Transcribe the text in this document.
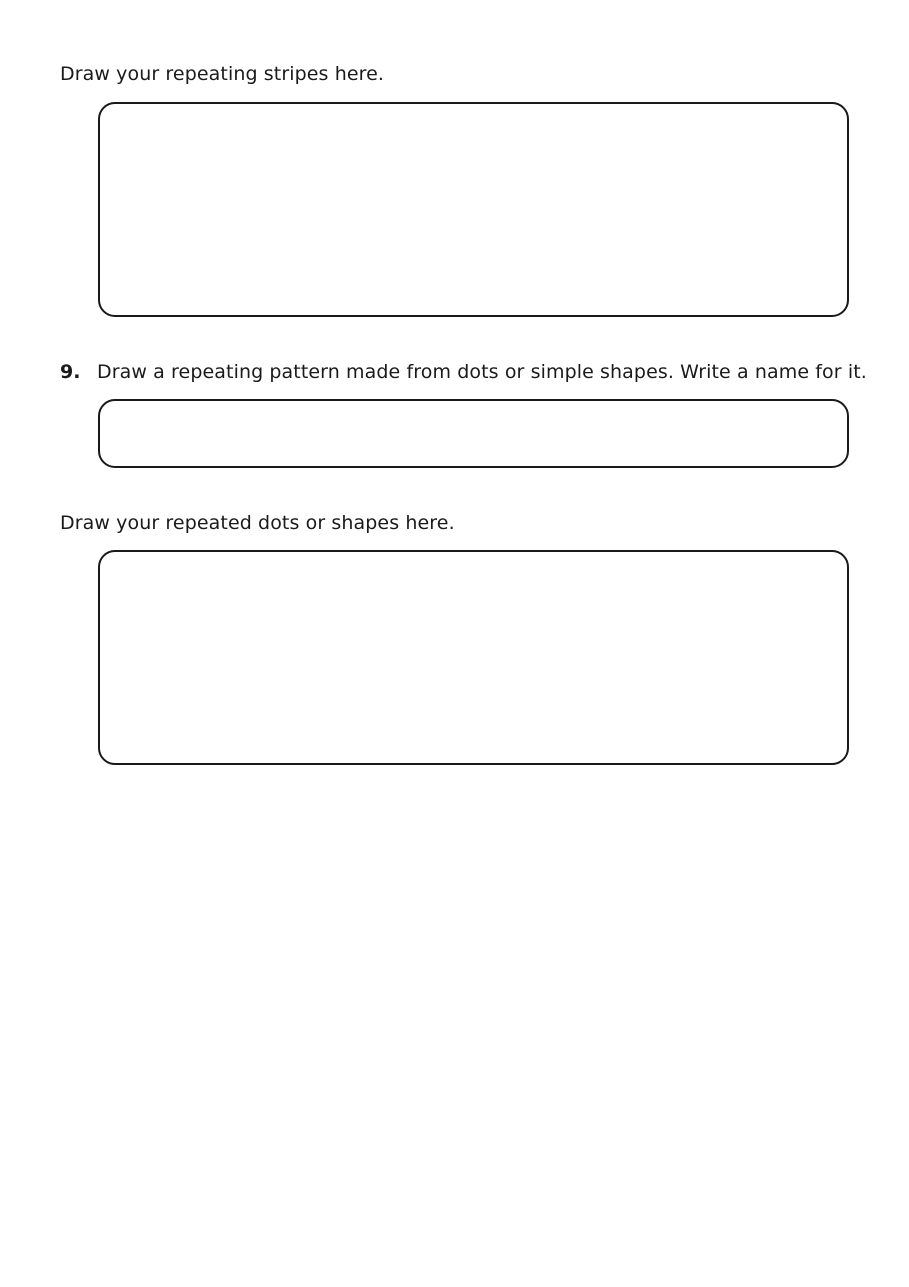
Draw your repeating stripes here.
9. Draw a repeating pattern made from dots or simple shapes. Write a name for it.
Draw your repeated dots or shapes here.
